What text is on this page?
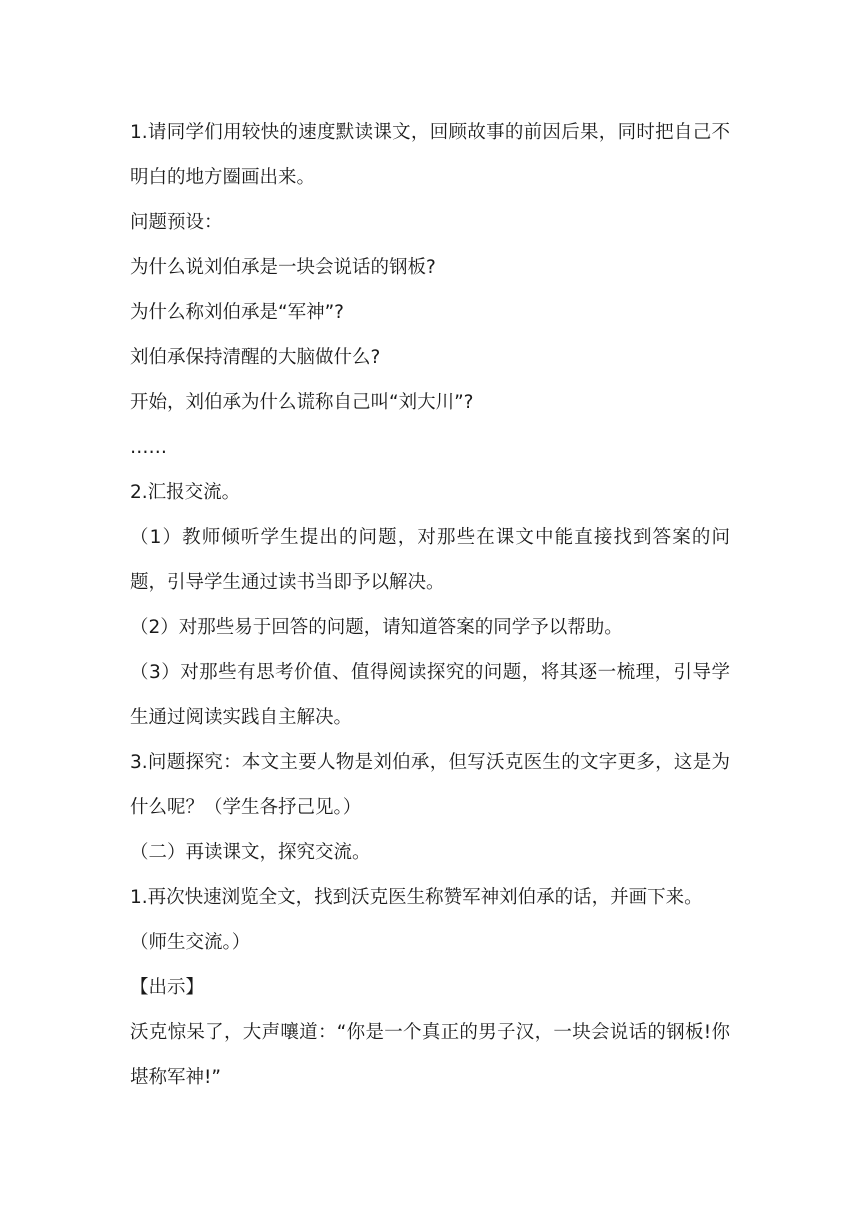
1.请同学们用较快的速度默读课文，回顾故事的前因后果，同时把自己不明白的地方圈画出来。

问题预设：

为什么说刘伯承是一块会说话的钢板?

为什么称刘伯承是“军神”?

刘伯承保持清醒的大脑做什么?

开始，刘伯承为什么谎称自己叫“刘大川”?

……

2.汇报交流。

（1）教师倾听学生提出的问题，对那些在课文中能直接找到答案的问题，引导学生通过读书当即予以解决。

（2）对那些易于回答的问题，请知道答案的同学予以帮助。

（3）对那些有思考价值、值得阅读探究的问题，将其逐一梳理，引导学生通过阅读实践自主解决。

3.问题探究：本文主要人物是刘伯承，但写沃克医生的文字更多，这是为什么呢？（学生各抒己见。）

（二）再读课文，探究交流。

1.再次快速浏览全文，找到沃克医生称赞军神刘伯承的话，并画下来。

（师生交流。）

【出示】

沃克惊呆了，大声嚷道：“你是一个真正的男子汉，一块会说话的钢板!你堪称军神!”
